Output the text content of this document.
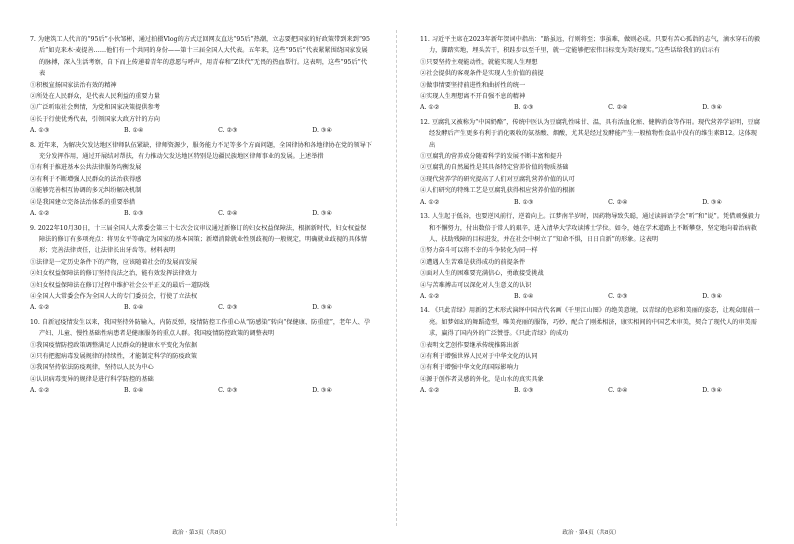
7. 为建筑工人代言的“95后”小伙邹彬，通过拍摄Vlog的方式迂回网友直达“95后”热潮，立志要把国家的好政策带到来到“95后”如克来木·麦提善……他们有一个共同的身份——第十三届全国人大代表。五年来，这些“95后”代表紧紧围绕国家发展的脉搏，深入生活考察，自下而上传递着青年的意愿与呼声，用青春和“Z世代”无畏的热血帮行。这表明，这些“95后”代表

①积极宣扬国家法治有效的精神

②所处在人民群众，是代表人民利益的重要力量

③广泛听取社会舆情，为党和国家决策提供参考

④长于行使优秀代表，引领国家大政方针的方向

A. ①③	B. ①④	C. ②③	D. ③④

8. 近年来，为解决欠发达地区律师队伍紧缺，律师资源少，服务能力不足等多个方面问题，全国律协和各地律协在党的领导下充分发挥作用，通过开展结对帮扶，有力推动欠发达地区特别是边疆民族地区律师事业的发展。上述举措

①有利于推进基本公共法律服务均衡发展

②有利于不断增强人民群众的法治获得感

③能够完善相互协调的多元纠纷解决机制

④是我国建立完备法治体系的重要举措

A. ①②	B. ①③	C. ②④	D. ③④

9. 2022年10月30日，十三届全国人大常委会第三十七次会议审议通过新修订的妇女权益保障法，根据新时代，妇女权益保障法的修订有多项亮点：将男女平等确定为国家的基本国策；新增消除就业性别歧视的一般规定，明确就业歧视的具体情形；完善法律责任，让法律长出牙齿等。材料表明

①法律是一定历史条件下的产物，应该随着社会的发展而发展

②妇女权益保障法的修订坚持良法之治，能有效发挥法律效力

③妇女权益保障法在修订过程中维护社会公平正义的最后一道防线

④全国人大常委会作为全国人大的专门委员会，行使了立法权

A. ①②	B. ①④	C. ②③	D. ③④

10. 自新冠疫情发生以来，我国坚持外防输入，内防反弹，疫情防控工作重心从“防感染”转向“保健康、防重症”，老年人、孕产妇、儿童、慢性基础性病患者是健康服务的重点人群。我国疫情防控政策的调整表明

①我国疫情防控政策调整满足人民群众的健康水平变化为依据

②只有把握病毒发展规律的持续性，才能制定科学的防疫政策

③我国坚持依法防疫观律，坚持以人民为中心

④认识病毒变异的规律是进行科学防控的基础

A. ①②	B. ①④	C. ②③	D. ③④

11. 习近平主席在2023年新年贺词中指出：“路虽远，行则将至；事虽难，做则必成。只要有苦心孤诣的志气，滴水穿石的毅力，脚踏实地，埋头苦干，积跬步以至千里，就一定能够把宏伟目标变为美好现实。”这些话给我们的启示有

①只要坚持主观能动性，就能实现人生理想

②社会提供的客观条件是实现人生价值的前提

③做事情要坚持前进性和曲折性的统一

④实现人生理想离不开自强不息的精神

A. ①②	B. ①③	C. ②④	D. ③④

12. 豆腐乳又被称为“中国奶酪”，传统中医认为豆腐乳性味甘、温，具有活血化瘀、健脾消食等作用。现代营养学证明，豆腐经发酵后产生更多有利于消化吸收的氨基酸、烟酸，尤其是经过发酵能产生一般植物性食品中没有的维生素B12。这体现出

①豆腐乳的营养成分随着科学的发展不断丰富和提升

②豆腐乳的自然属性是其具备特定营养价值的物质基础

③现代营养学的研究提高了人们对豆腐乳营养价值的认可

④人们研究的特殊工艺是豆腐乳获得相应营养价值的根据

A. ①②	B. ①③	C. ②④	D. ③④

13. 人生起于低谷，也要逆风前行，逆着向上。江梦南半岁时，因药物导致失聪，通过读唇语学会“听”和“说”。凭借顽强毅力和不懈努力，付出数倍于常人的艰辛，进入清华大学攻读博士学位。如今，她在学术道路上不断攀登，坚定地向着治病救人、扶助残障的目标进发，并在社会中树立了“知命不惧，日日自新”的形象。这表明

①努力奋斗可以将不幸的斗争转化为同一样

②遭遇人生苦难是获得成功的前提条件

③面对人生的困难要充满信心，勇敢接受挑战

④与苦难搏击可以深化对人生意义的认识

A. ①②	B. ①④	C. ②③	D. ③④

14. 《只此青绿》用新的艺术形式演绎中国古代名画《千里江山图》的绝美意境，以青绿的色彩和美丽的姿态，让观众眼前一亮。如梦如幻的舞蹈造型，唯美亮丽的服饰，巧妙、配合了刚柔相济，康实相间的中国艺术审美，契合了现代人的审美需求，赢得了国内外的广泛赞誉。《只此青绿》的成功

①表明文艺创作要继承传统推陈出新

②有利于增强世界人民对于中华文化的认同

③有利于增强中华文化的国际影响力

④源于创作者灵感的外化，是山水的真实具象

A. ①②	B. ①③	C. ②④	D. ③④

政治 · 第3页（共8页）	政治 · 第4页（共8页）
